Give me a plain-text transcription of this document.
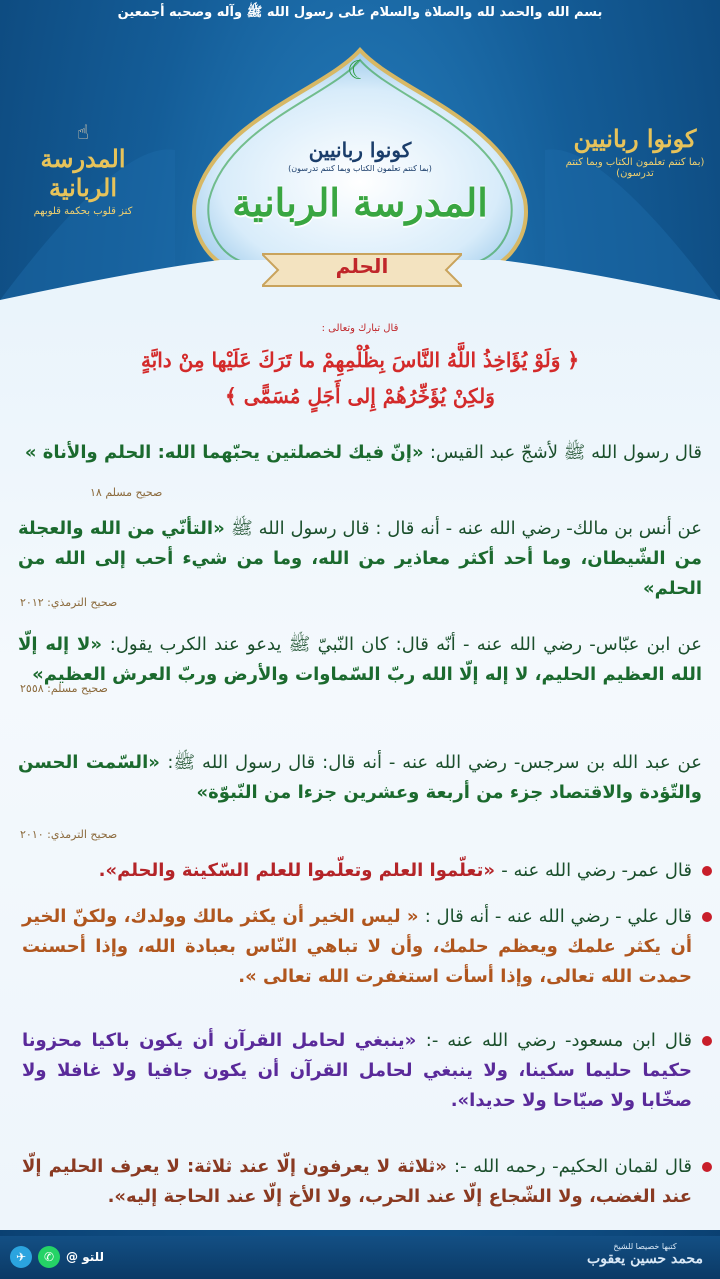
بسم الله والحمد لله والصلاة والسلام على رسول الله ﷺ وآله وصحبه أجمعين
☝
المدرسة الربانية
كنز قلوب بحكمة قلوبهم
كونوا ربانيين
(بما كنتم تعلمون الكتاب وبما كنتم تدرسون)
☾
كونوا ربانيين
(بما كنتم تعلمون الكتاب وبما كنتم تدرسون)
المدرسة الربانية
الحلم
قال تبارك وتعالى :
﴿ وَلَوْ يُؤَاخِذُ اللَّهُ النَّاسَ بِظُلْمِهِمْ ما تَرَكَ عَلَيْها مِنْ دابَّةٍ
وَلكِنْ يُؤَخِّرُهُمْ إِلى أَجَلٍ مُسَمًّى ﴾
قال رسول الله ﷺ لأشجّ عبد القيس: «إنّ فيك لخصلتين يحبّهما الله: الحلم والأناة »
صحيح مسلم ١٨
عن أنس بن مالك- رضي الله عنه - أنه قال : قال رسول الله ﷺ «التأنّي من الله والعجلة من الشّيطان، وما أحد أكثر معاذير من الله، وما من شيء أحب إلى الله من الحلم»
صحيح الترمذي: ٢٠١٢
عن ابن عبّاس- رضي الله عنه - أنّه قال: كان النّبيّ ﷺ يدعو عند الكرب يقول: «لا إله إلّا الله العظيم الحليم، لا إله إلّا الله ربّ السّماوات والأرض وربّ العرش العظيم»
صحيح مسلم: ٢٥٥٨
عن عبد الله بن سرجس- رضي الله عنه - أنه قال: قال رسول الله ﷺ: «السّمت الحسن والتّؤدة والاقتصاد جزء من أربعة وعشرين جزءا من النّبوّة»
صحيح الترمذي: ٢٠١٠
قال عمر- رضي الله عنه - «تعلّموا العلم وتعلّموا للعلم السّكينة والحلم».
قال علي - رضي الله عنه - أنه قال : « ليس الخير أن يكثر مالك وولدك، ولكنّ الخير أن يكثر علمك ويعظم حلمك، وأن لا تباهي النّاس بعبادة الله، وإذا أحسنت حمدت الله تعالى، وإذا أسأت استغفرت الله تعالى ».
قال ابن مسعود- رضي الله عنه -: «ينبغي لحامل القرآن أن يكون باكيا محزونا حكيما حليما سكينا، ولا ينبغي لحامل القرآن أن يكون جافيا ولا غافلا ولا صخّابا ولا صيّاحا ولا حديدا».
قال لقمان الحكيم- رحمه الله -: «ثلاثة لا يعرفون إلّا عند ثلاثة: لا يعرف الحليم إلّا عند الغضب، ولا الشّجاع إلّا عند الحرب، ولا الأخ إلّا عند الحاجة إليه».
✈	✆ @ للتو
كتبها خصيصا للشيخ
محمد حسين يعقوب
